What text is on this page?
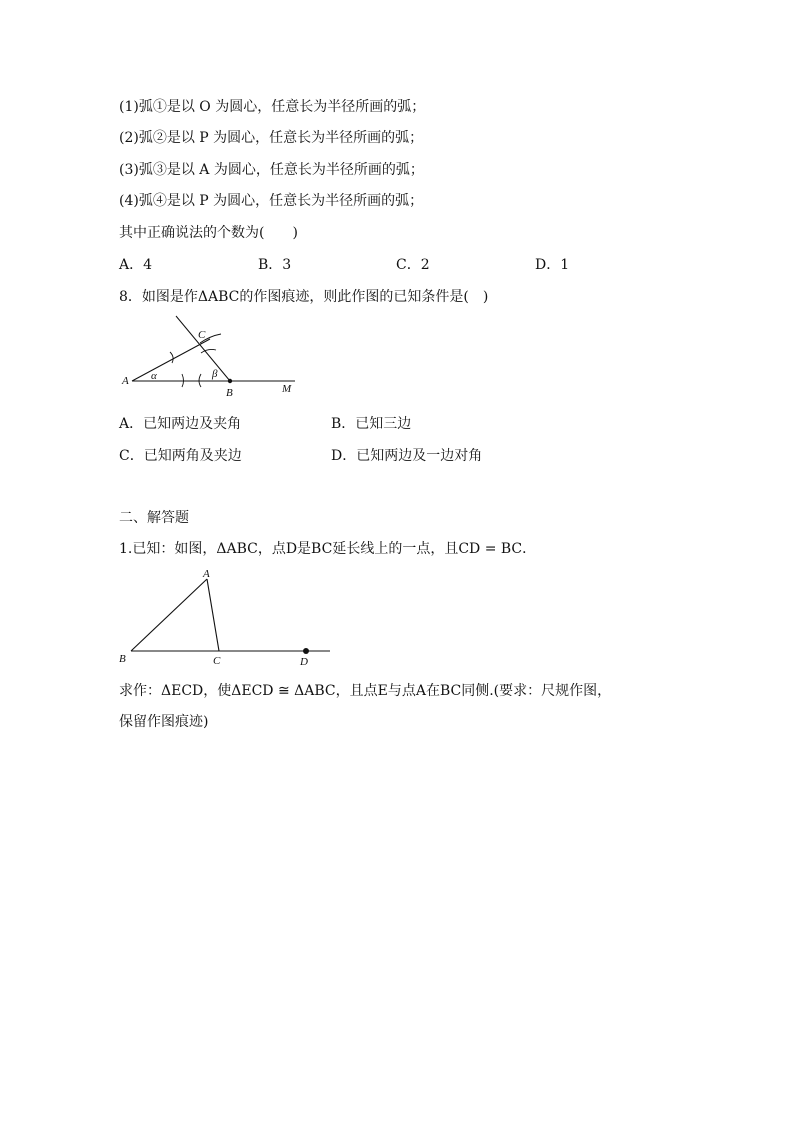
(1)弧①是以 O 为圆心，任意长为半径所画的弧；
(2)弧②是以 P 为圆心，任意长为半径所画的弧；
(3)弧③是以 A 为圆心，任意长为半径所画的弧；
(4)弧④是以 P 为圆心，任意长为半径所画的弧；
其中正确说法的个数为(　　)
A．4	B．3	C．2	D．1
8．如图是作ΔABC的作图痕迹，则此作图的已知条件是(　)
A
B
C
M
α	β
A．已知两边及夹角	B．已知三边
C．已知两角及夹边	D．已知两边及一边对角
二、解答题
1.已知：如图，ΔABC，点D是BC延长线上的一点，且CD = BC．
A
B	C	D
求作：ΔECD，使ΔECD ≅ ΔABC，且点E与点A在BC同侧.(要求：尺规作图，
保留作图痕迹)
